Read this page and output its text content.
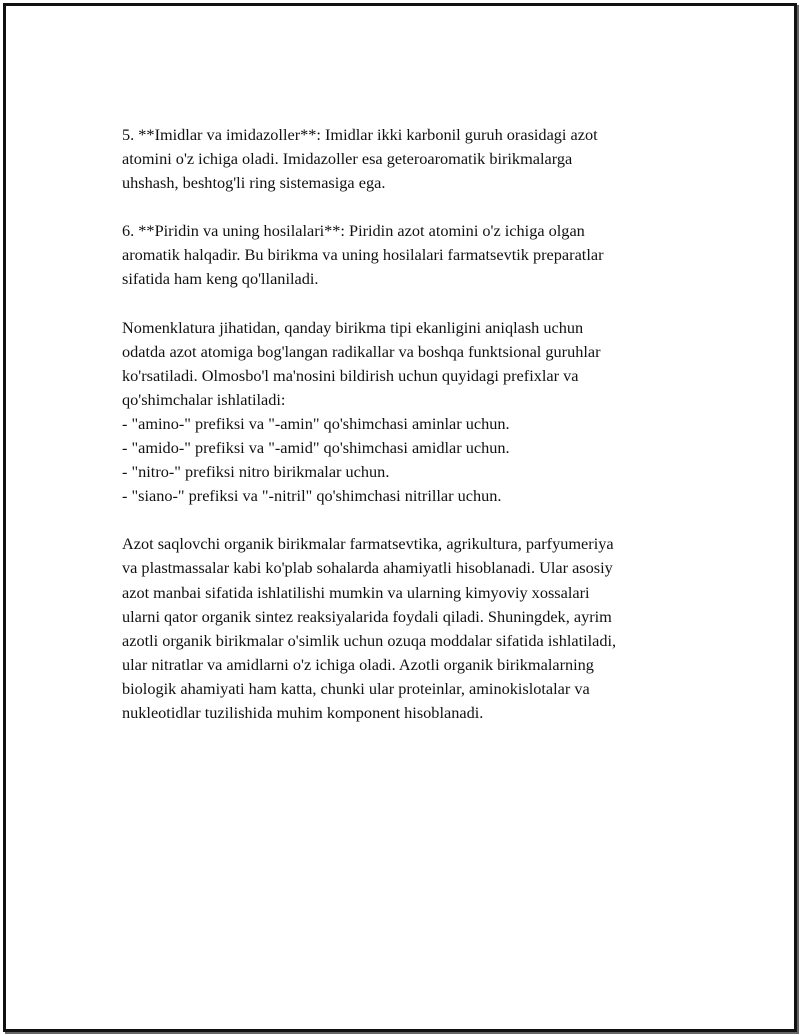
5. **Imidlar va imidazoller**: Imidlar ikki karbonil guruh orasidagi azot
atomini o'z ichiga oladi. Imidazoller esa geteroaromatik birikmalarga
uhshash, beshtog'li ring sistemasiga ega.
6. **Piridin va uning hosilalari**: Piridin azot atomini o'z ichiga olgan
aromatik halqadir. Bu birikma va uning hosilalari farmatsevtik preparatlar
sifatida ham keng qo'llaniladi.
Nomenklatura jihatidan, qanday birikma tipi ekanligini aniqlash uchun
odatda azot atomiga bog'langan radikallar va boshqa funktsional guruhlar
ko'rsatiladi. Olmosbo'l ma'nosini bildirish uchun quyidagi prefixlar va
qo'shimchalar ishlatiladi:
- "amino-" prefiksi va "-amin" qo'shimchasi aminlar uchun.
- "amido-" prefiksi va "-amid" qo'shimchasi amidlar uchun.
- "nitro-" prefiksi nitro birikmalar uchun.
- "siano-" prefiksi va "-nitril" qo'shimchasi nitrillar uchun.
Azot saqlovchi organik birikmalar farmatsevtika, agrikultura, parfyumeriya
va plastmassalar kabi ko'plab sohalarda ahamiyatli hisoblanadi. Ular asosiy
azot manbai sifatida ishlatilishi mumkin va ularning kimyoviy xossalari
ularni qator organik sintez reaksiyalarida foydali qiladi. Shuningdek, ayrim
azotli organik birikmalar o'simlik uchun ozuqa moddalar sifatida ishlatiladi,
ular nitratlar va amidlarni o'z ichiga oladi. Azotli organik birikmalarning
biologik ahamiyati ham katta, chunki ular proteinlar, aminokislotalar va
nukleotidlar tuzilishida muhim komponent hisoblanadi.
